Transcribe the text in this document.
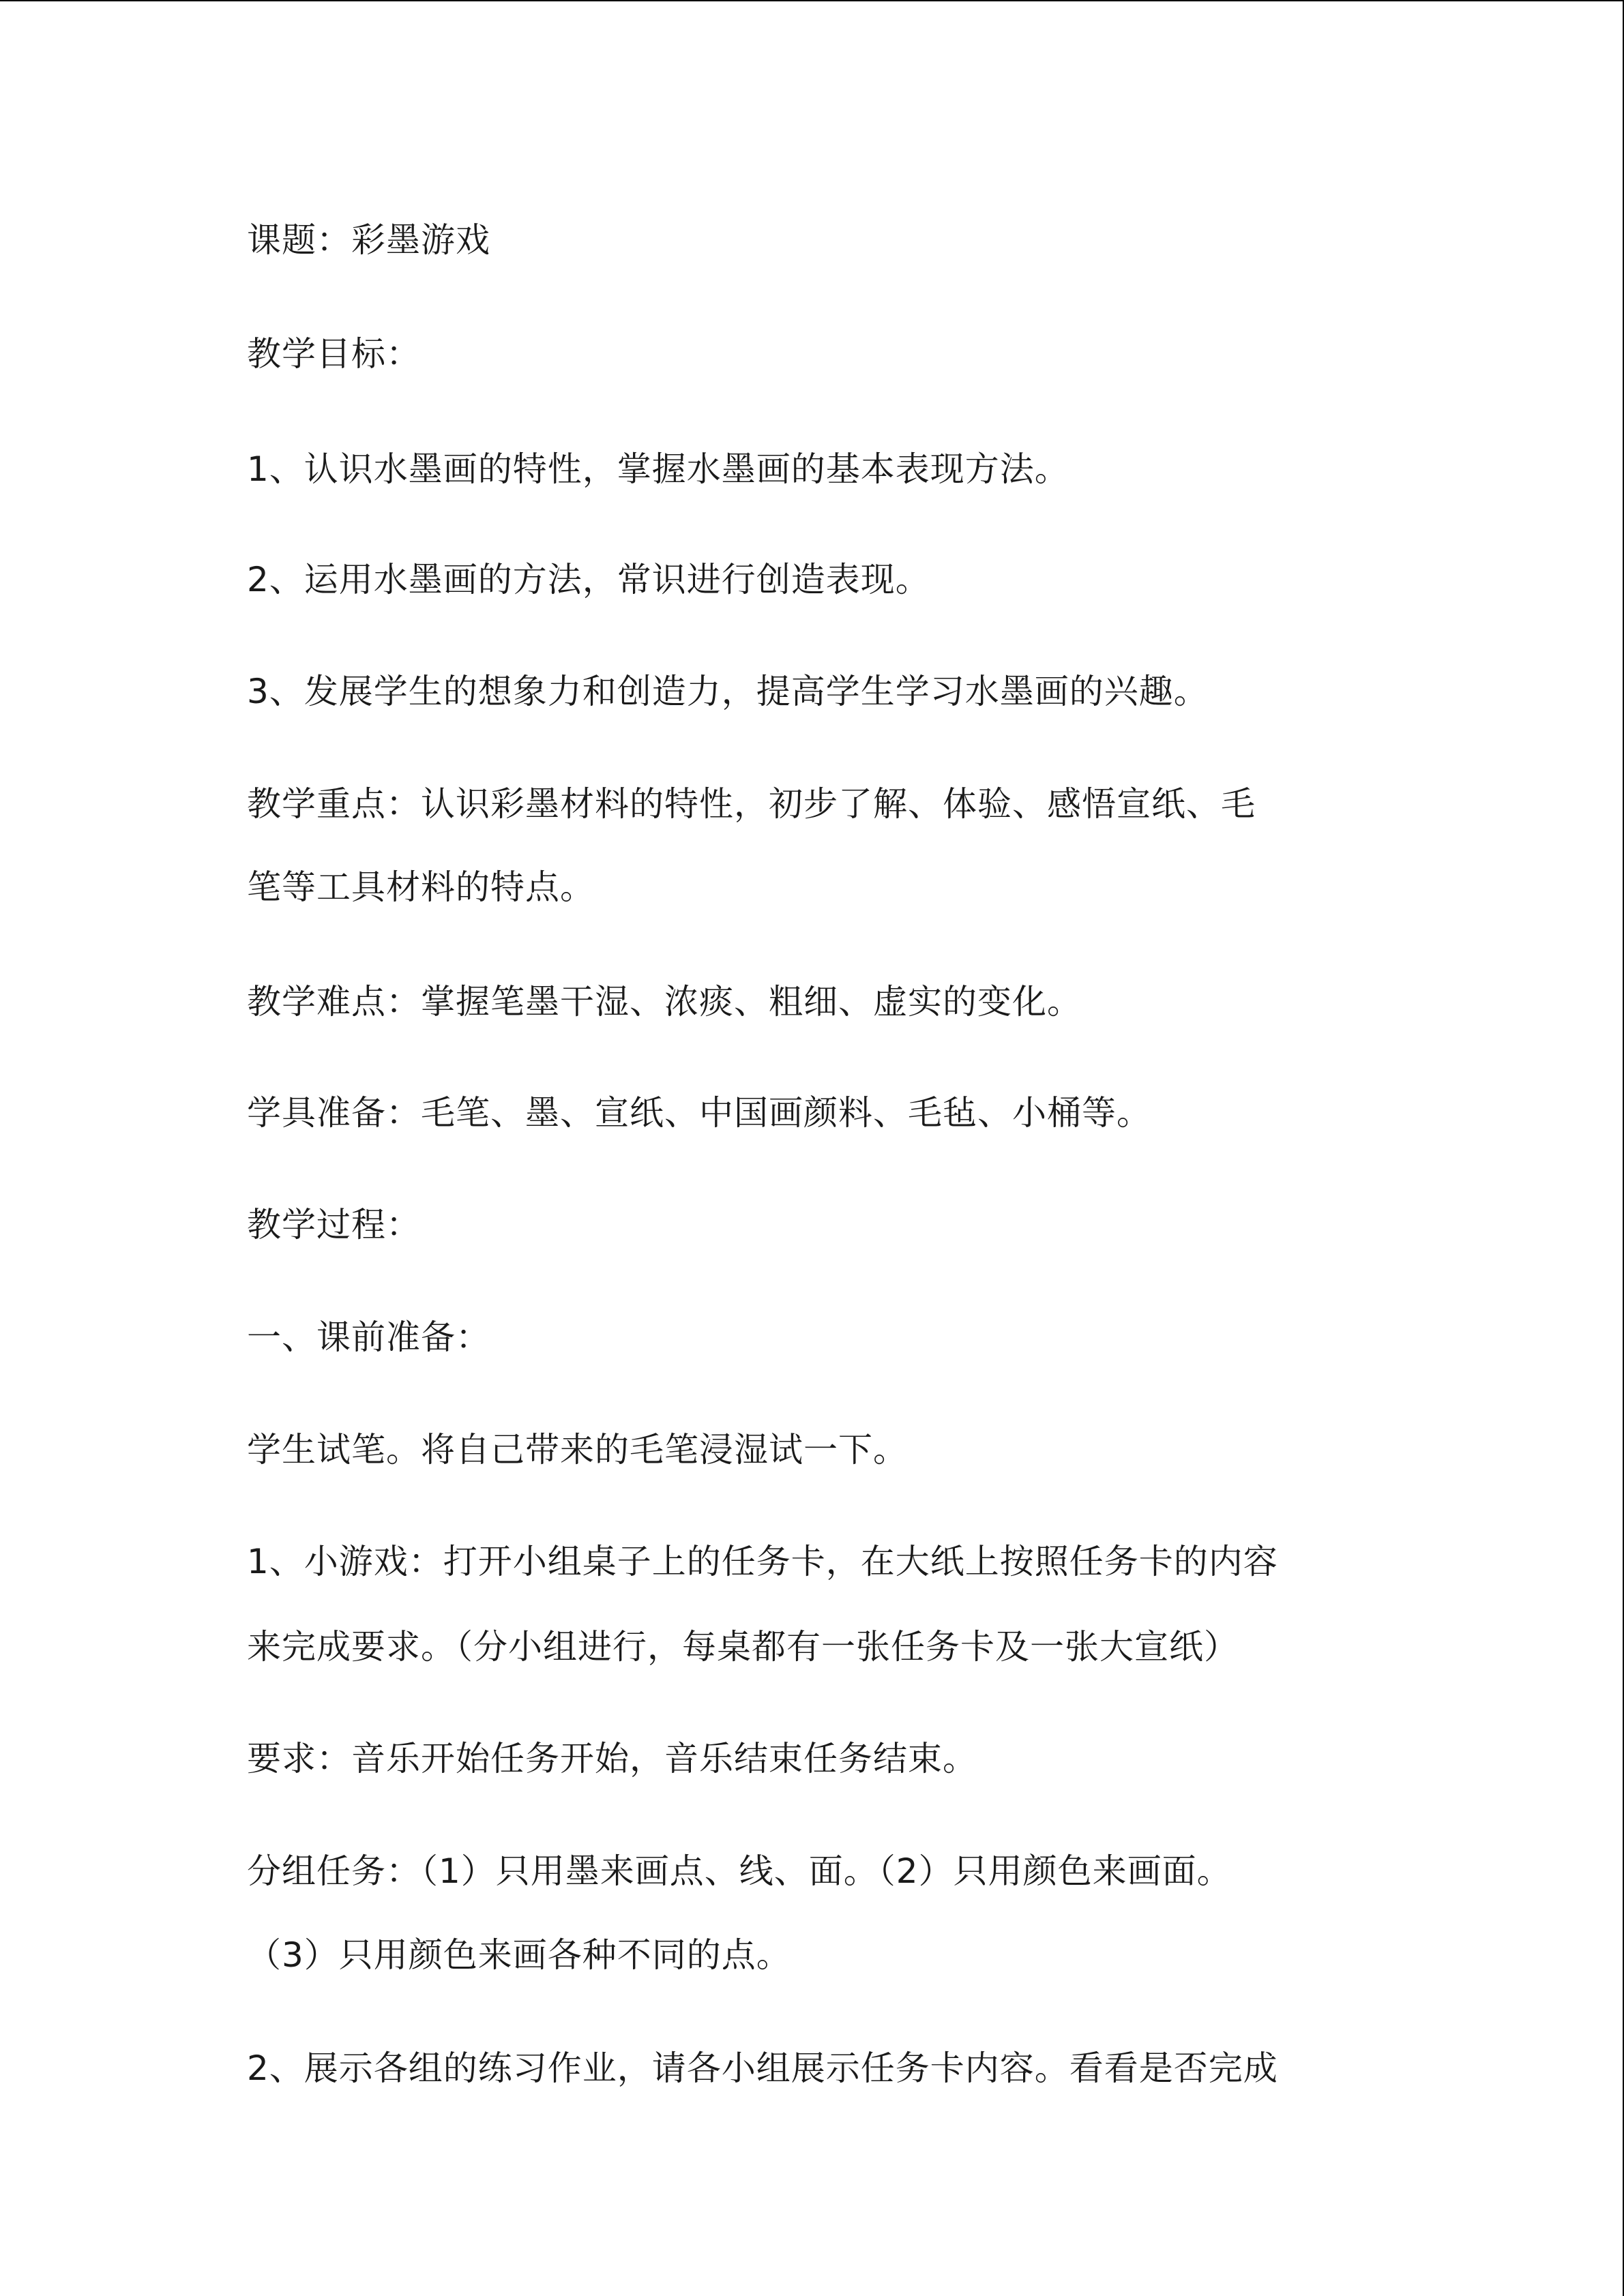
课题：彩墨游戏
教学目标：
1、认识水墨画的特性，掌握水墨画的基本表现方法。
2、运用水墨画的方法，常识进行创造表现。
3、发展学生的想象力和创造力，提高学生学习水墨画的兴趣。
教学重点：认识彩墨材料的特性，初步了解、体验、感悟宣纸、毛
笔等工具材料的特点。
教学难点：掌握笔墨干湿、浓痰、粗细、虚实的变化。
学具准备：毛笔、墨、宣纸、中国画颜料、毛毡、小桶等。
教学过程：
一、课前准备：
学生试笔。将自己带来的毛笔浸湿试一下。
1、小游戏：打开小组桌子上的任务卡，在大纸上按照任务卡的内容
来完成要求。（分小组进行，每桌都有一张任务卡及一张大宣纸）
要求：音乐开始任务开始，音乐结束任务结束。
分组任务：（1）只用墨来画点、线、面。（2）只用颜色来画面。
（3）只用颜色来画各种不同的点。
2、展示各组的练习作业，请各小组展示任务卡内容。看看是否完成
